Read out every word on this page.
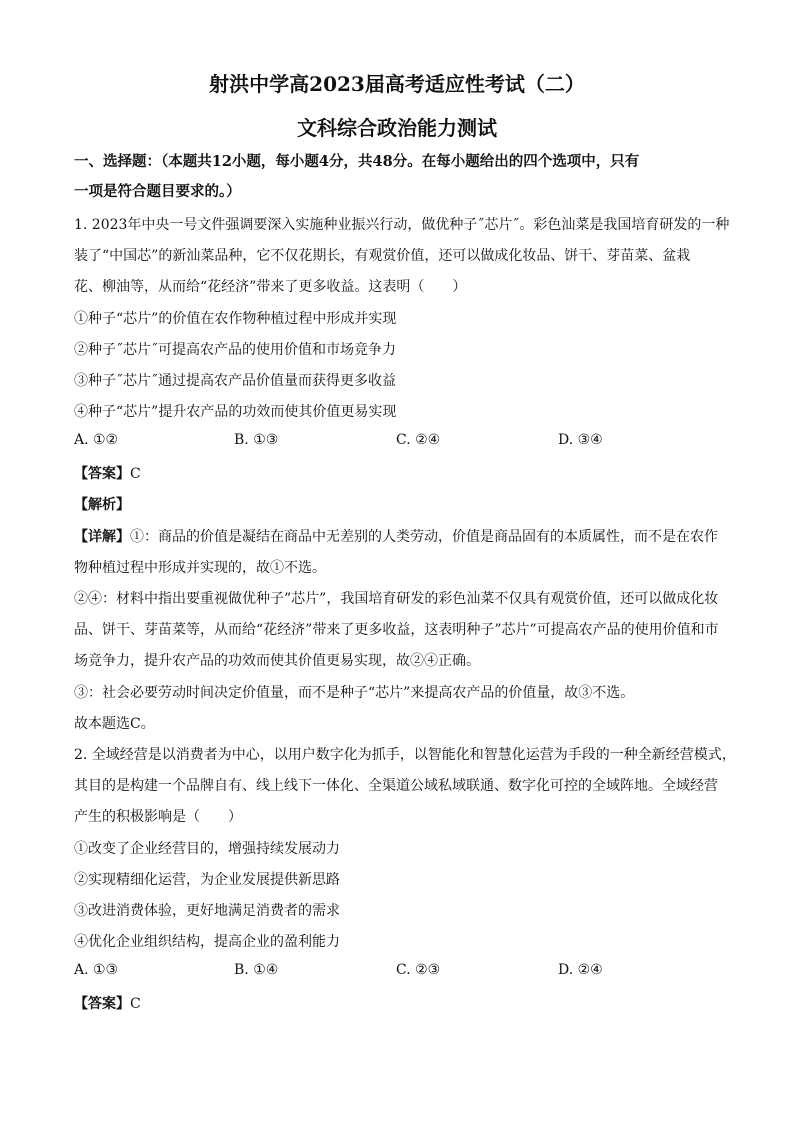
射洪中学高2023届高考适应性考试（二）
文科综合政治能力测试
一、选择题：（本题共12小题，每小题4分，共48分。在每小题给出的四个选项中，只有
一项是符合题目要求的。）
1. 2023年中央一号文件强调要深入实施种业振兴行动，做优种子˝芯片˝。彩色汕菜是我国培育研发的一种
装了“中国芯”的新汕菜品种，它不仅花期长，有观赏价值，还可以做成化妆品、饼干、芽苗菜、盆栽
花、柳油等，从而给“花经济”带来了更多收益。这表明（　　）
①种子“芯片”的价值在农作物种植过程中形成并实现
②种子˝芯片˝可提高农产品的使用价值和市场竞争力
③种子˝芯片˝通过提高农产品价值量而获得更多收益
④种子“芯片”提升农产品的功效而使其价值更易实现
A. ①②	B. ①③	C. ②④	D. ③④
【答案】C
【解析】
【详解】①：商品的价值是凝结在商品中无差别的人类劳动，价值是商品固有的本质属性，而不是在农作
物种植过程中形成并实现的，故①不选。
②④：材料中指出要重视做优种子”芯片”，我国培育研发的彩色汕菜不仅具有观赏价值，还可以做成化妆
品、饼干、芽苗菜等，从而给“花经济”带来了更多收益，这表明种子”芯片”可提高农产品的使用价值和市
场竞争力，提升农产品的功效而使其价值更易实现，故②④正确。
③：社会必要劳动时间决定价值量，而不是种子“芯片”来提高农产品的价值量，故③不选。
故本题选C。
2. 全域经营是以消费者为中心，以用户数字化为抓手，以智能化和智慧化运营为手段的一种全新经营模式，
其目的是构建一个品牌自有、线上线下一体化、全渠道公域私域联通、数字化可控的全域阵地。全域经营
产生的积极影响是（　　）
①改变了企业经营目的，增强持续发展动力
②实现精细化运营，为企业发展提供新思路
③改进消费体验，更好地满足消费者的需求
④优化企业组织结构，提高企业的盈利能力
A. ①③	B. ①④	C. ②③	D. ②④
【答案】C
